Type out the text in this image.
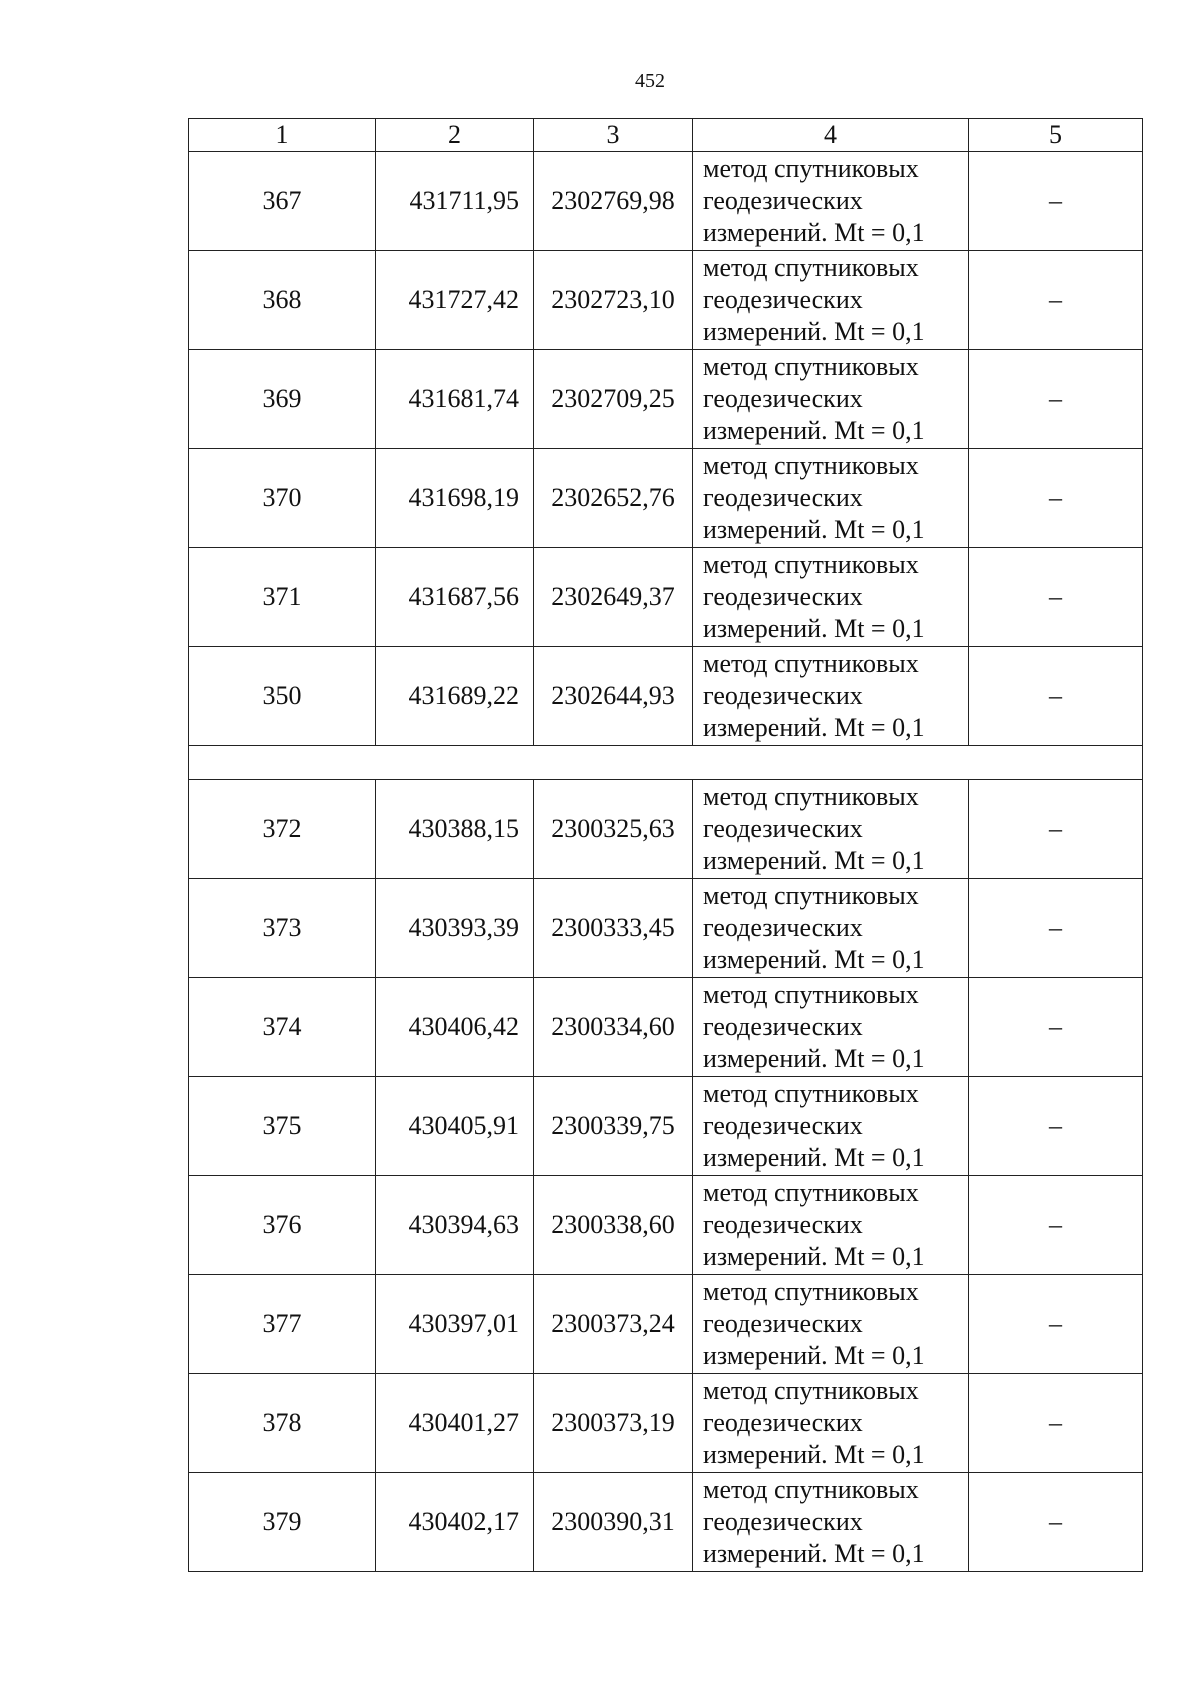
452
1	2	3	4	5
367	431711,95	2302769,98	метод спутниковых
геодезических
измерений. Mt = 0,1	–
368	431727,42	2302723,10	метод спутниковых
геодезических
измерений. Mt = 0,1	–
369	431681,74	2302709,25	метод спутниковых
геодезических
измерений. Mt = 0,1	–
370	431698,19	2302652,76	метод спутниковых
геодезических
измерений. Mt = 0,1	–
371	431687,56	2302649,37	метод спутниковых
геодезических
измерений. Mt = 0,1	–
350	431689,22	2302644,93	метод спутниковых
геодезических
измерений. Mt = 0,1	–

372	430388,15	2300325,63	метод спутниковых
геодезических
измерений. Mt = 0,1	–
373	430393,39	2300333,45	метод спутниковых
геодезических
измерений. Mt = 0,1	–
374	430406,42	2300334,60	метод спутниковых
геодезических
измерений. Mt = 0,1	–
375	430405,91	2300339,75	метод спутниковых
геодезических
измерений. Mt = 0,1	–
376	430394,63	2300338,60	метод спутниковых
геодезических
измерений. Mt = 0,1	–
377	430397,01	2300373,24	метод спутниковых
геодезических
измерений. Mt = 0,1	–
378	430401,27	2300373,19	метод спутниковых
геодезических
измерений. Mt = 0,1	–
379	430402,17	2300390,31	метод спутниковых
геодезических
измерений. Mt = 0,1	–
